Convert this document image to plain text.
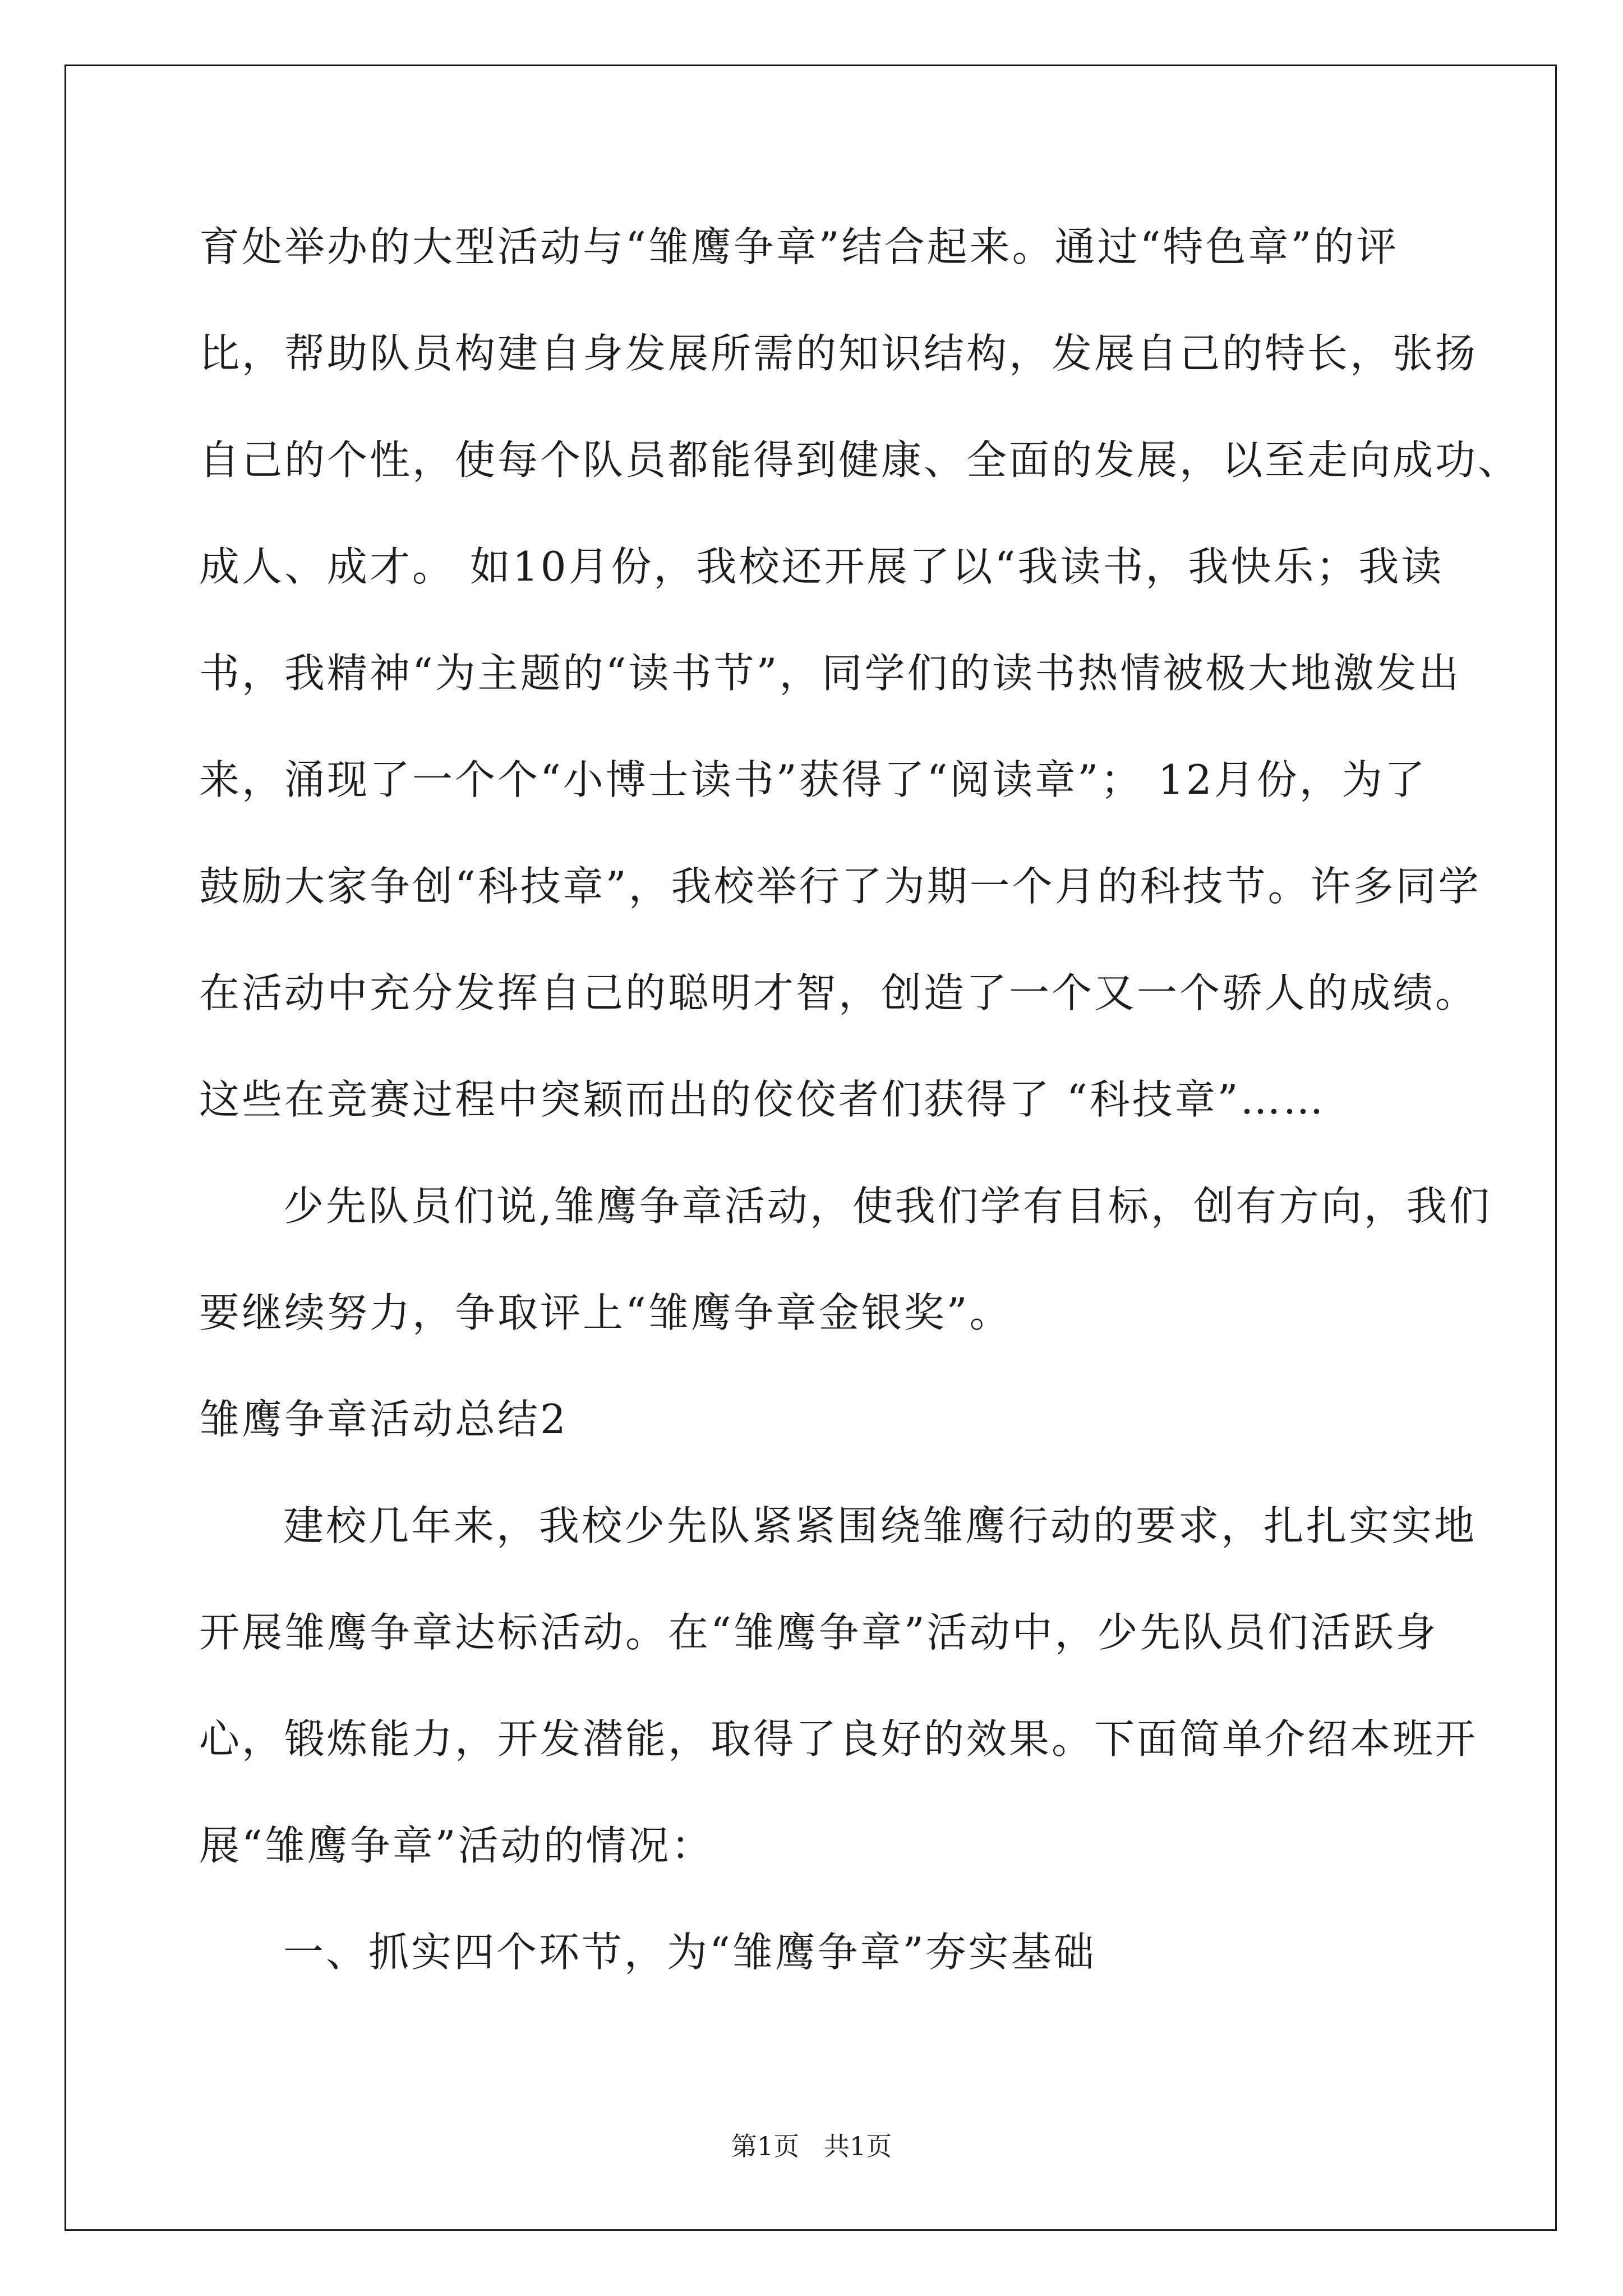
育处举办的大型活动与“雏鹰争章”结合起来。通过“特色章”的评
比，帮助队员构建自身发展所需的知识结构，发展自己的特长，张扬
自己的个性，使每个队员都能得到健康、全面的发展，以至走向成功、
成人、成才。 如10月份，我校还开展了以“我读书，我快乐；我读
书，我精神“为主题的“读书节”，同学们的读书热情被极大地激发出
来，涌现了一个个“小博士读书”获得了“阅读章”； 12月份，为了
鼓励大家争创“科技章”，我校举行了为期一个月的科技节。许多同学
在活动中充分发挥自己的聪明才智，创造了一个又一个骄人的成绩。
这些在竞赛过程中突颖而出的佼佼者们获得了 “科技章”……
少先队员们说,雏鹰争章活动，使我们学有目标，创有方向，我们
要继续努力，争取评上“雏鹰争章金银奖”。
雏鹰争章活动总结2
建校几年来，我校少先队紧紧围绕雏鹰行动的要求，扎扎实实地
开展雏鹰争章达标活动。在“雏鹰争章”活动中，少先队员们活跃身
心，锻炼能力，开发潜能，取得了良好的效果。下面简单介绍本班开
展“雏鹰争章”活动的情况：
一、抓实四个环节，为“雏鹰争章”夯实基础
第1页   共1页
